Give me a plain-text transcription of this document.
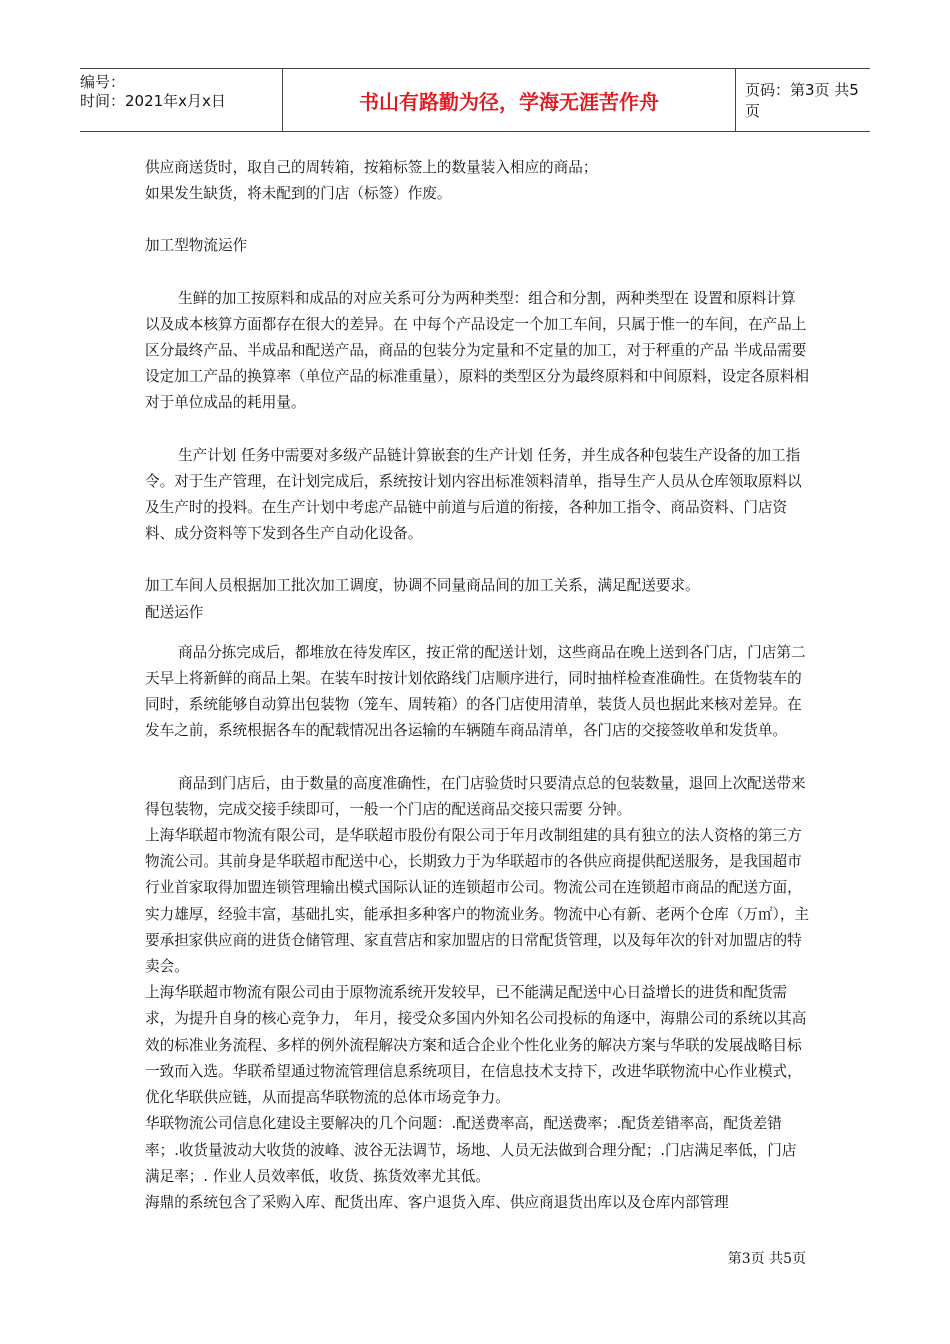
编号：
时间：2021年x月x日	书山有路勤为径，学海无涯苦作舟	页码：第3页 共5页

供应商送货时，取自己的周转箱，按箱标签上的数量装入相应的商品；

如果发生缺货，将未配到的门店（标签）作废。

加工型物流运作

生鲜的加工按原料和成品的对应关系可分为两种类型：组合和分割，两种类型在 设置和原料计算以及成本核算方面都存在很大的差异。在 中每个产品设定一个加工车间，只属于惟一的车间，在产品上区分最终产品、半成品和配送产品，商品的包装分为定量和不定量的加工，对于秤重的产品 半成品需要设定加工产品的换算率（单位产品的标准重量），原料的类型区分为最终原料和中间原料，设定各原料相对于单位成品的耗用量。

生产计划 任务中需要对多级产品链计算嵌套的生产计划 任务，并生成各种包装生产设备的加工指令。对于生产管理，在计划完成后，系统按计划内容出标准领料清单，指导生产人员从仓库领取原料以及生产时的投料。在生产计划中考虑产品链中前道与后道的衔接，各种加工指令、商品资料、门店资料、成分资料等下发到各生产自动化设备。

加工车间人员根据加工批次加工调度，协调不同量商品间的加工关系，满足配送要求。

配送运作

商品分拣完成后，都堆放在待发库区，按正常的配送计划，这些商品在晚上送到各门店，门店第二天早上将新鲜的商品上架。在装车时按计划依路线门店顺序进行，同时抽样检查准确性。在货物装车的同时，系统能够自动算出包装物（笼车、周转箱）的各门店使用清单，装货人员也据此来核对差异。在发车之前，系统根据各车的配载情况出各运输的车辆随车商品清单，各门店的交接签收单和发货单。

商品到门店后，由于数量的高度准确性，在门店验货时只要清点总的包装数量，退回上次配送带来得包装物，完成交接手续即可，一般一个门店的配送商品交接只需要 分钟。

上海华联超市物流有限公司，是华联超市股份有限公司于年月改制组建的具有独立的法人资格的第三方物流公司。其前身是华联超市配送中心，长期致力于为华联超市的各供应商提供配送服务，是我国超市行业首家取得加盟连锁管理输出模式国际认证的连锁超市公司。物流公司在连锁超市商品的配送方面，实力雄厚，经验丰富，基础扎实，能承担多种客户的物流业务。物流中心有新、老两个仓库（万㎡），主要承担家供应商的进货仓储管理、家直营店和家加盟店的日常配货管理，以及每年次的针对加盟店的特卖会。

上海华联超市物流有限公司由于原物流系统开发较早，已不能满足配送中心日益增长的进货和配货需求，为提升自身的核心竞争力， 年月，接受众多国内外知名公司投标的角逐中，海鼎公司的系统以其高效的标准业务流程、多样的例外流程解决方案和适合企业个性化业务的解决方案与华联的发展战略目标一致而入选。华联希望通过物流管理信息系统项目，在信息技术支持下，改进华联物流中心作业模式，优化华联供应链，从而提高华联物流的总体市场竞争力。

华联物流公司信息化建设主要解决的几个问题：.配送费率高，配送费率；.配货差错率高，配货差错率；.收货量波动大收货的波峰、波谷无法调节，场地、人员无法做到合理分配；.门店满足率低，门店满足率；. 作业人员效率低，收货、拣货效率尤其低。

海鼎的系统包含了采购入库、配货出库、客户退货入库、供应商退货出库以及仓库内部管理

第3页 共5页
